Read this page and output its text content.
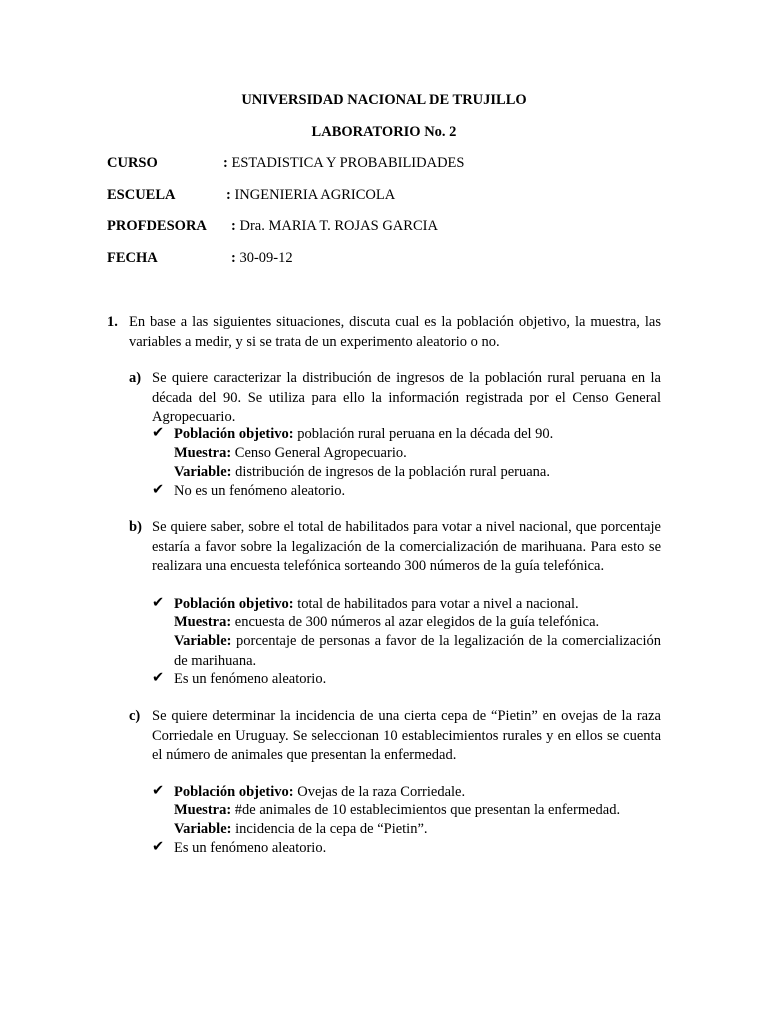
UNIVERSIDAD NACIONAL DE TRUJILLO
LABORATORIO No. 2
CURSO	: ESTADISTICA Y PROBABILIDADES
ESCUELA	: INGENIERIA AGRICOLA
PROFDESORA : Dra. MARIA T. ROJAS GARCIA
FECHA	: 30-09-12
1. En base a las siguientes situaciones, discuta cual es la población objetivo, la muestra, las variables a medir, y si se trata de un experimento aleatorio o no.
a) Se quiere caracterizar la distribución de ingresos de la población rural peruana en la década del 90. Se utiliza para ello la información registrada por el Censo General Agropecuario.
✔ Población objetivo: población rural peruana en la década del 90.
Muestra: Censo General Agropecuario.
Variable: distribución de ingresos de la población rural peruana.
✔ No es un fenómeno aleatorio.
b) Se quiere saber, sobre el total de habilitados para votar a nivel nacional, que porcentaje estaría a favor sobre la legalización de la comercialización de marihuana. Para esto se realizara una encuesta telefónica sorteando 300 números de la guía telefónica.
✔ Población objetivo: total de habilitados para votar a nivel a nacional.
Muestra: encuesta de 300 números al azar elegidos de la guía telefónica.
Variable: porcentaje de personas a favor de la legalización de la comercialización de marihuana.
✔ Es un fenómeno aleatorio.
c) Se quiere determinar la incidencia de una cierta cepa de “Pietin” en ovejas de la raza Corriedale en Uruguay. Se seleccionan 10 establecimientos rurales y en ellos se cuenta el número de animales que presentan la enfermedad.
✔ Población objetivo: Ovejas de la raza Corriedale.
Muestra: #de animales de 10 establecimientos que presentan la enfermedad.
Variable: incidencia de la cepa de “Pietin”.
✔ Es un fenómeno aleatorio.
